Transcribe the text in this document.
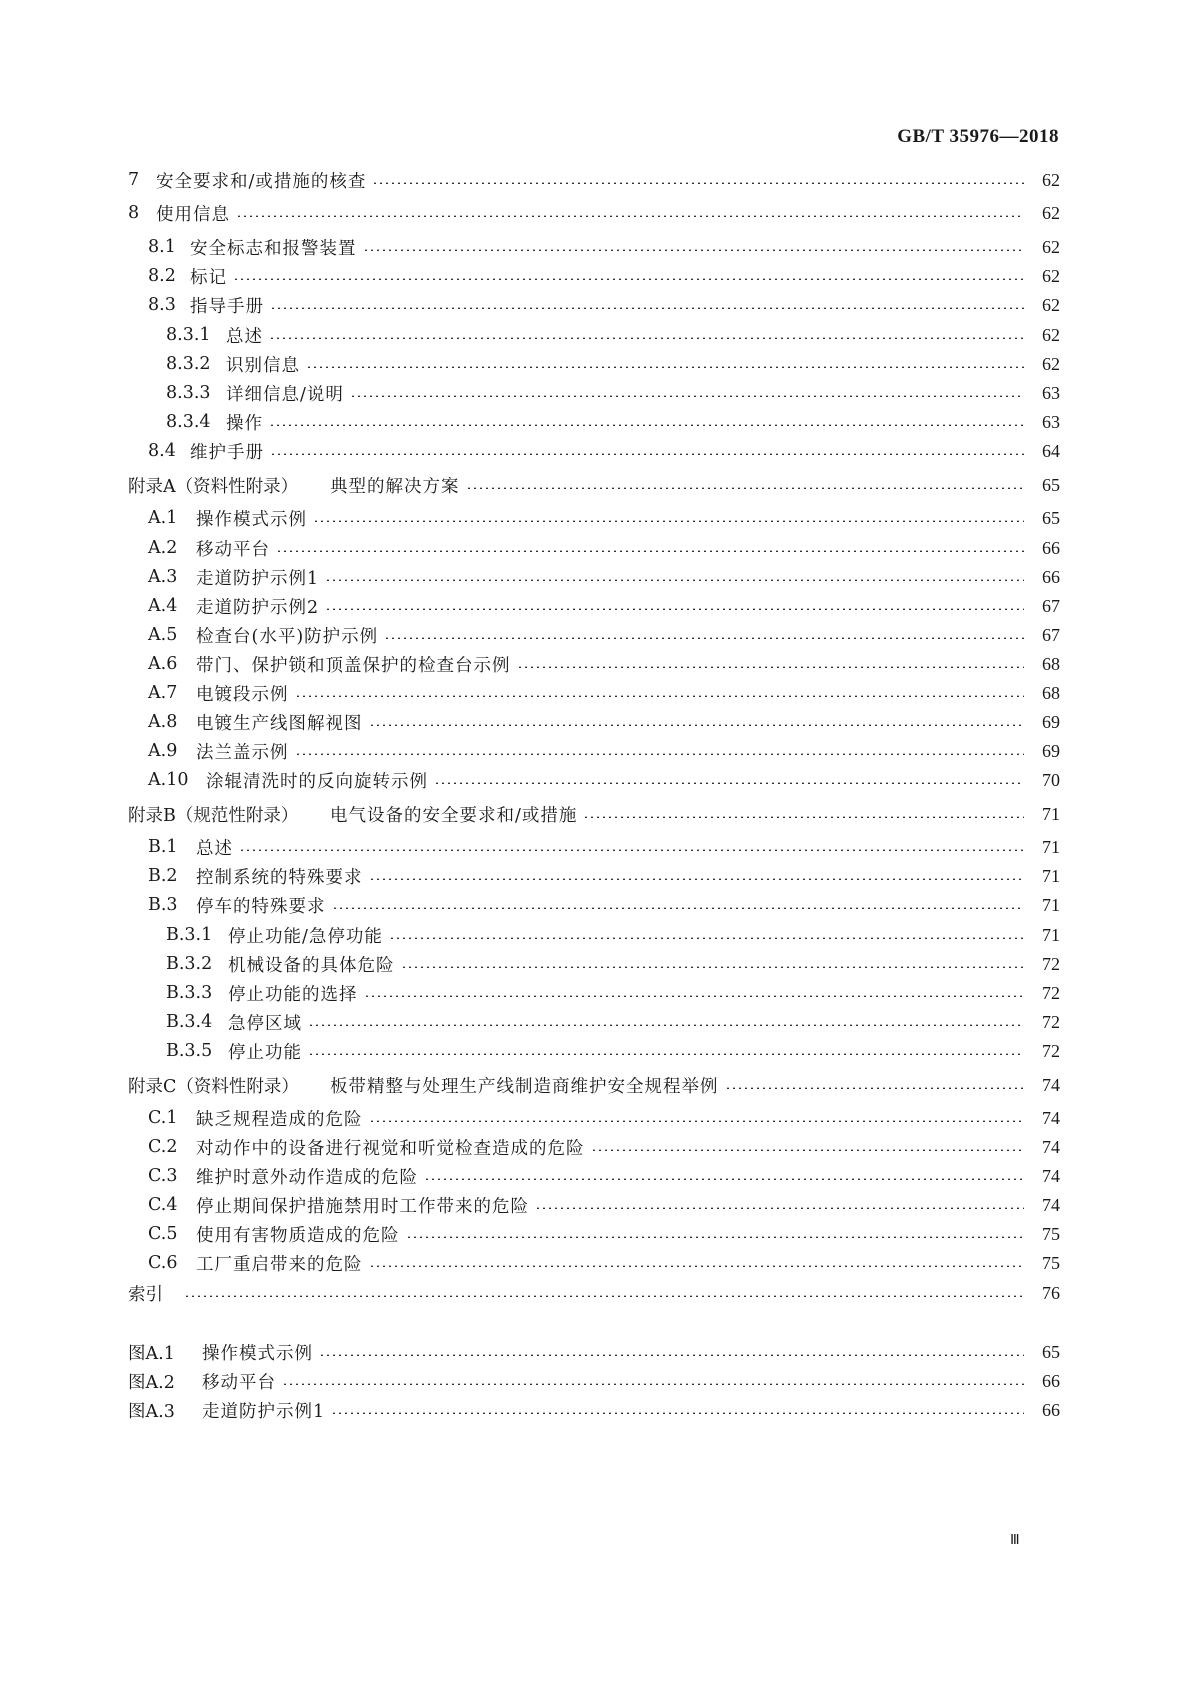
GB/T 35976—2018
7 安全要求和/或措施的核查	62
8 使用信息	62
8.1 安全标志和报警装置	62
8.2 标记	62
8.3 指导手册	62
8.3.1 总述	62
8.3.2 识别信息	62
8.3.3 详细信息/说明	63
8.3.4 操作	63
8.4 维护手册	64
附录A（资料性附录）	典型的解决方案	65
A.1	操作模式示例	65
A.2	移动平台	66
A.3	走道防护示例1	66
A.4	走道防护示例2	67
A.5	检查台(水平)防护示例	67
A.6	带门、保护锁和顶盖保护的检查台示例	68
A.7	电镀段示例	68
A.8	电镀生产线图解视图	69
A.9	法兰盖示例	69
A.10	涂辊清洗时的反向旋转示例	70
附录B（规范性附录）	电气设备的安全要求和/或措施	71
B.1	总述	71
B.2	控制系统的特殊要求	71
B.3	停车的特殊要求	71
B.3.1 停止功能/急停功能	71
B.3.2 机械设备的具体危险	72
B.3.3 停止功能的选择	72
B.3.4 急停区域	72
B.3.5 停止功能	72
附录C（资料性附录）	板带精整与处理生产线制造商维护安全规程举例	74
C.1	缺乏规程造成的危险	74
C.2	对动作中的设备进行视觉和听觉检查造成的危险	74
C.3	维护时意外动作造成的危险	74
C.4	停止期间保护措施禁用时工作带来的危险	74
C.5	使用有害物质造成的危险	75
C.6	工厂重启带来的危险	75
索引	76
图A.1	操作模式示例	65
图A.2	移动平台	66
图A.3	走道防护示例1	66
Ⅲ
